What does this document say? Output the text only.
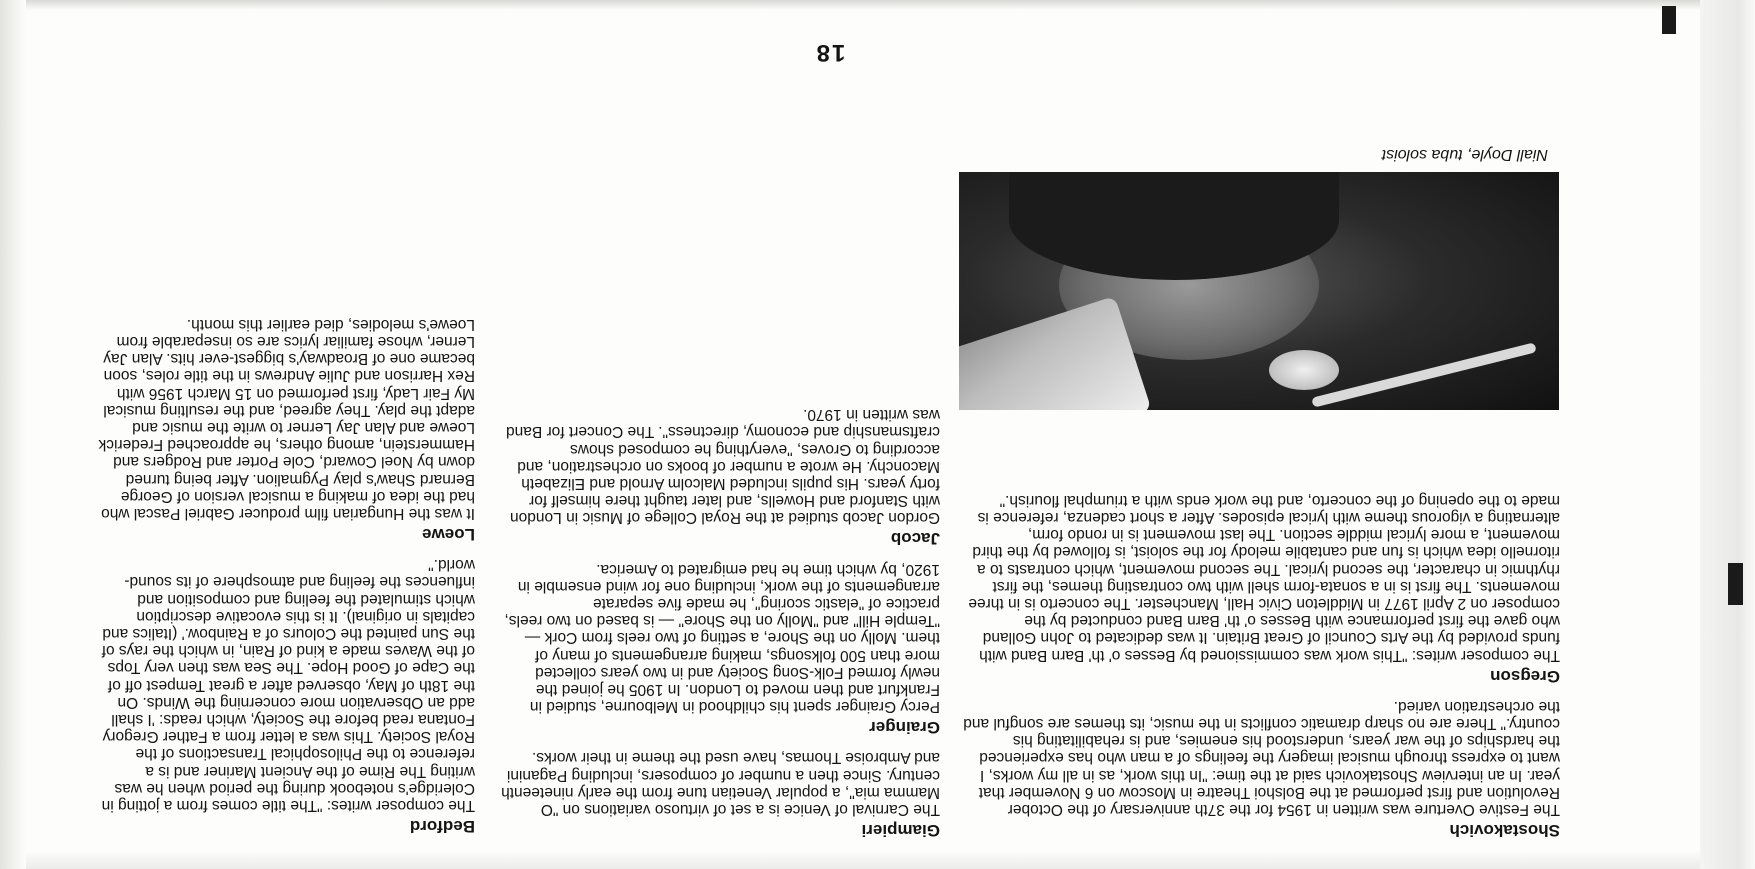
Shostakovich

The Festive Overture was written in 1954 for the 37th anniversary of the October Revolution and first performed at the Bolshoi Theatre in Moscow on 6 November that year. In an interview Shostakovich said at the time: "In this work, as in all my works, I want to express through musical imagery the feelings of a man who has experienced the hardships of the war years, understood his enemies, and is rehabilitating his country." There are no sharp dramatic conflicts in the music, its themes are songful and the orchestration varied.

Gregson

The composer writes: "This work was commissioned by Besses o' th' Barn Band with funds provided by the Arts Council of Great Britain. It was dedicated to John Golland who gave the first performance with Besses o' th' Barn Band conducted by the composer on 2 April 1977 in Middleton Civic Hall, Manchester. The concerto is in three movements. The first is in a sonata-form shell with two contrasting themes, the first rhythmic in character, the second lyrical. The second movement, which contrasts to a ritornello idea which is fun and cantabile melody for the soloist, is followed by the third movement, a more lyrical middle section. The last movement is in rondo form, alternating a vigorous theme with lyrical episodes. After a short cadenza, reference is made to the opening of the concerto, and the work ends with a triumphal flourish."

Niall Doyle, tuba soloist
Giampieri

The Carnival of Venice is a set of virtuoso variations on "O Mamma mia", a popular Venetian tune from the early nineteenth century. Since then a number of composers, including Paganini and Ambroise Thomas, have used the theme in their works.

Grainger

Percy Grainger spent his childhood in Melbourne, studied in Frankfurt and then moved to London. In 1905 he joined the newly formed Folk-Song Society and in two years collected more than 500 folksongs, making arrangements of many of them. Molly on the Shore, a setting of two reels from Cork — "Temple Hill" and "Molly on the Shore" — is based on two reels, practice of "elastic scoring", he made five separate arrangements of the work, including one for wind ensemble in 1920, by which time he had emigrated to America.

Jacob

Gordon Jacob studied at the Royal College of Music in London with Stanford and Howells, and later taught there himself for forty years. His pupils included Malcolm Arnold and Elizabeth Maconchy. He wrote a number of books on orchestration, and according to Groves, "everything he composed shows craftsmanship and economy, directness". The Concert for Band was written in 1970.

Bedford

The composer writes: "The title comes from a jotting in Coleridge's notebook during the period when he was writing The Rime of the Ancient Mariner and is a reference to the Philosophical Transactions of the Royal Society. This was a letter from a Father Gregory Fontana read before the Society, which reads: 'I shall add an Observation more concerning the Winds. On the 18th of May, observed after a great Tempest off of the Cape of Good Hope. The Sea was then very Tops of the Waves made a kind of Rain, in which the rays of the Sun painted the Colours of a Rainbow.' (Italics and capitals in original). It is this evocative description which stimulated the feeling and composition and influences the feeling and atmosphere of its sound-world."

Loewe

It was the Hungarian film producer Gabriel Pascal who had the idea of making a musical version of George Bernard Shaw's play Pygmalion. After being turned down by Noel Coward, Cole Porter and Rodgers and Hammerstein, among others, he approached Frederick Loewe and Alan Jay Lerner to write the music and adapt the play. They agreed, and the resulting musical My Fair Lady, first performed on 15 March 1956 with Rex Harrison and Julie Andrews in the title roles, soon became one of Broadway's biggest-ever hits. Alan Jay Lerner, whose familiar lyrics are so inseparable from Loewe's melodies, died earlier this month.

18
